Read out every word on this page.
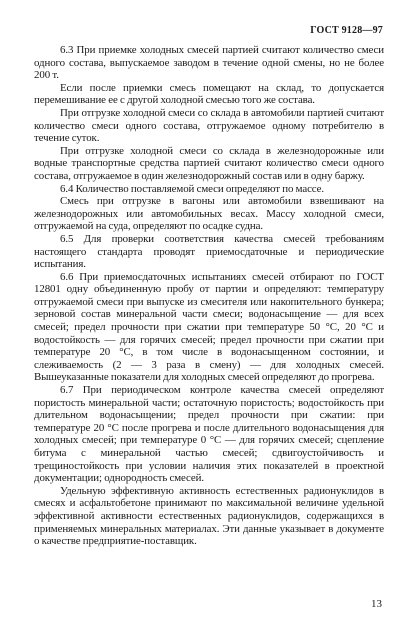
ГОСТ 9128—97

6.3 При приемке холодных смесей партией считают количество смеси одного состава, выпускаемое заводом в течение одной смены, но не более 200 т.

Если после приемки смесь помещают на склад, то допускается перемешивание ее с другой холодной смесью того же состава.

При отгрузке холодной смеси со склада в автомобили партией считают количество смеси одного состава, отгружаемое одному потребителю в течение суток.

При отгрузке холодной смеси со склада в железнодорожные или водные транспортные средства партией считают количество смеси одного состава, отгружаемое в один железнодорожный состав или в одну баржу.

6.4 Количество поставляемой смеси определяют по массе.

Смесь при отгрузке в вагоны или автомобили взвешивают на железнодорожных или автомобильных весах. Массу холодной смеси, отгружаемой на суда, определяют по осадке судна.

6.5 Для проверки соответствия качества смесей требованиям настоящего стандарта проводят приемосдаточные и периодические испытания.

6.6 При приемосдаточных испытаниях смесей отбирают по ГОСТ 12801 одну объединенную пробу от партии и определяют: температуру отгружаемой смеси при выпуске из смесителя или накопительного бункера; зерновой состав минеральной части смеси; водонасыщение — для всех смесей; предел прочности при сжатии при температуре 50 °С, 20 °С и водостойкость — для горячих смесей; предел прочности при сжатии при температуре 20 °С, в том числе в водонасыщенном состоянии, и слеживаемость (2 — 3 раза в смену) — для холодных смесей. Вышеуказанные показатели для холодных смесей определяют до прогрева.

6.7 При периодическом контроле качества смесей определяют пористость минеральной части; остаточную пористость; водостойкость при длительном водонасыщении; предел прочности при сжатии: при температуре 20 °С после прогрева и после длительного водонасыщения для холодных смесей; при температуре 0 °С — для горячих смесей; сцепление битума с минеральной частью смесей; сдвигоустойчивость и трещиностойкость при условии наличия этих показателей в проектной документации; однородность смесей.

Удельную эффективную активность естественных радионуклидов в смесях и асфальтобетоне принимают по максимальной величине удельной эффективной активности естественных радионуклидов, содержащихся в применяемых минеральных материалах. Эти данные указывает в документе о качестве предприятие-поставщик.

13
